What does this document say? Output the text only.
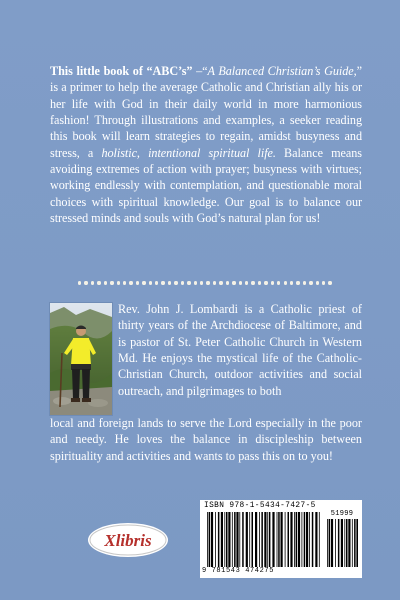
This little book of “ABC’s” –“A Balanced Christian’s Guide,” is a primer to help the average Catholic and Christian ally his or her life with God in their daily world in more harmonious fashion! Through illustrations and examples, a seeker reading this book will learn strategies to regain, amidst busyness and stress, a holistic, intentional spiritual life. Balance means avoiding extremes of action with prayer; busyness with virtues; working endlessly with contemplation, and questionable moral choices with spiritual knowledge. Our goal is to balance our stressed minds and souls with God’s natural plan for us!

Rev. John J. Lombardi is a Catholic priest of thirty years of the Archdiocese of Baltimore, and is pastor of St. Peter Catholic Church in Western Md. He enjoys the mystical life of the Catholic-Christian Church, outdoor activities and social outreach, and pilgrimages to both

local and foreign lands to serve the Lord especially in the poor and needy. He loves the balance in discipleship between spirituality and activities and wants to pass this on to you!

Xlibris
ISBN 978-1-5434-7427-5
51999
9 781543 474275
